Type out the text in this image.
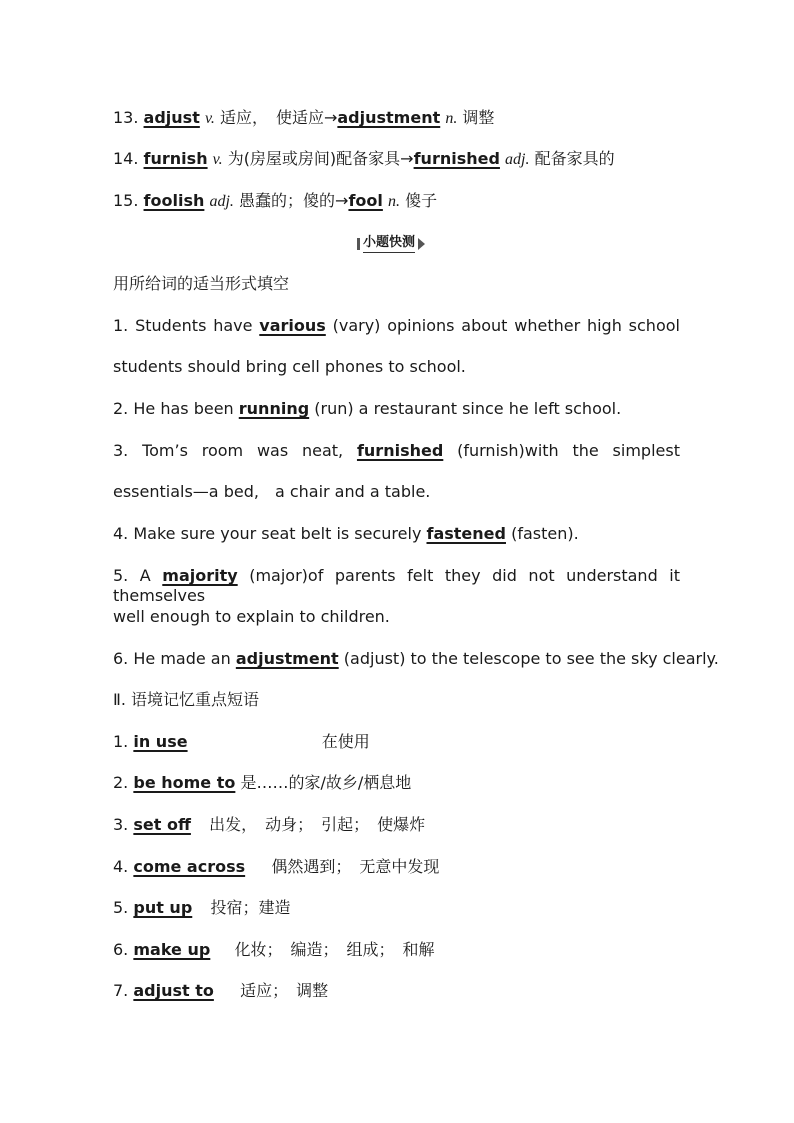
13. adjust v. 适应，　使适应→adjustment n. 调整
14. furnish v. 为(房屋或房间)配备家具→furnished adj. 配备家具的
15. foolish adj. 愚蠢的；傻的→fool n. 傻子
小题快测
用所给词的适当形式填空
1. Students have various (vary) opinions about whether high school
students should bring cell phones to school.
2. He has been running (run) a restaurant since he left school.
3. Tom’s room was neat, furnished (furnish)with the simplest
essentials—a bed,　a chair and a table.
4. Make sure your seat belt is securely fastened (fasten).
5. A majority (major)of parents felt they did not understand it themselves
well enough to explain to children.
6. He made an adjustment (adjust) to the telescope to see the sky clearly.
Ⅱ. 语境记忆重点短语
1. in use	在使用
2. be home to 是……的家/故乡/栖息地
3. set off 出发，　动身；　引起；　使爆炸
4. come across 偶然遇到；　无意中发现
5. put up 投宿；建造
6. make up 化妆；　编造；　组成；　和解
7. adjust to 适应；　调整
